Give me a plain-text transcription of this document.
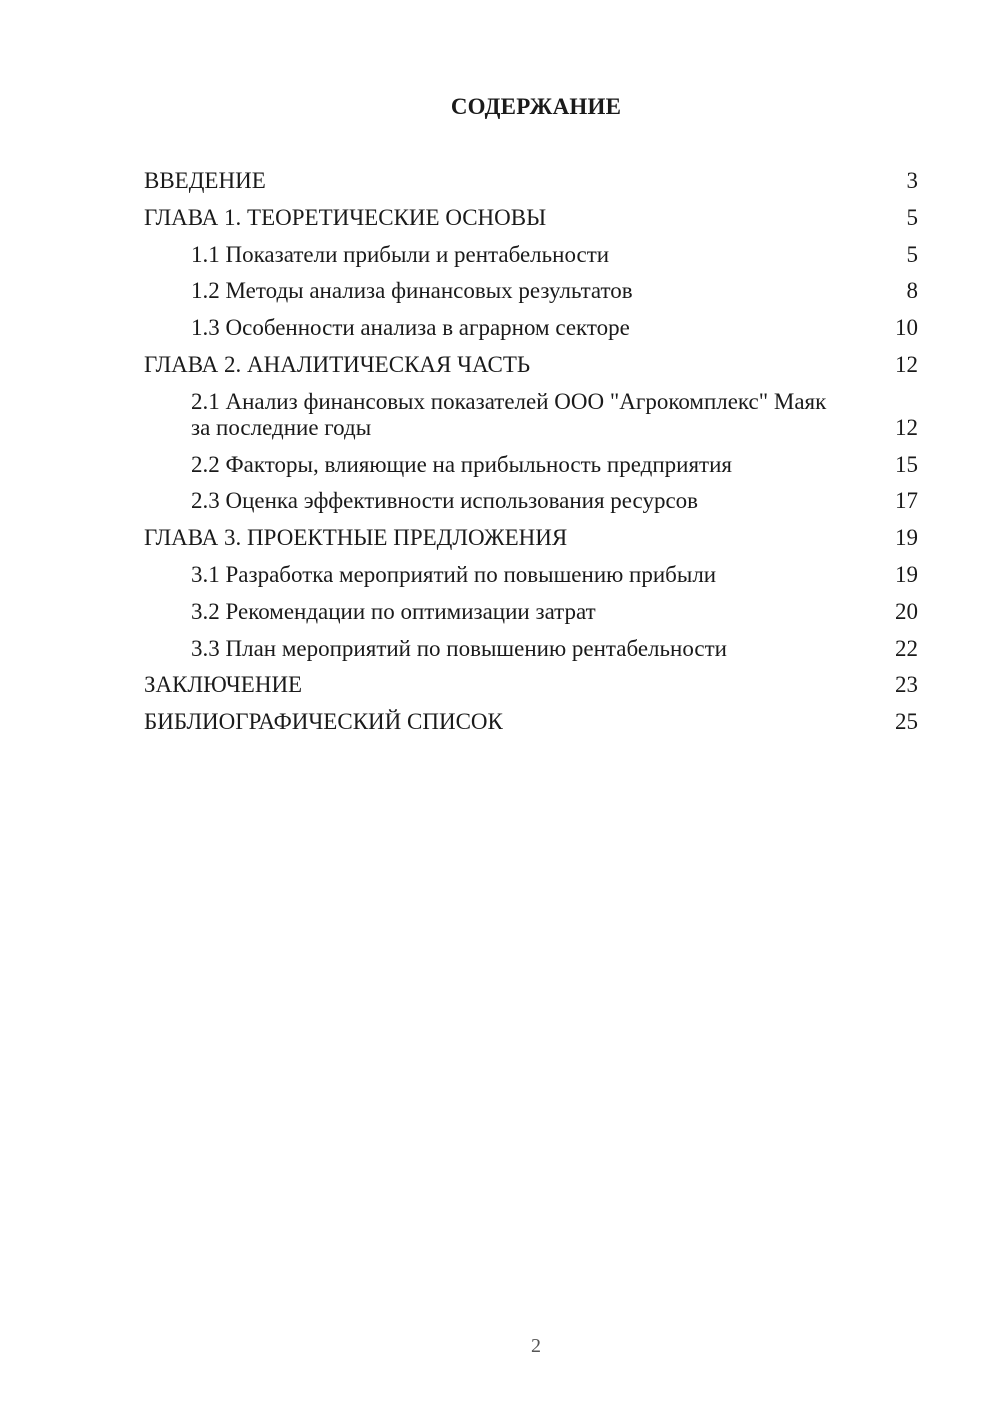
СОДЕРЖАНИЕ
ВВЕДЕНИЕ	3
ГЛАВА 1. ТЕОРЕТИЧЕСКИЕ ОСНОВЫ	5
1.1 Показатели прибыли и рентабельности	5
1.2 Методы анализа финансовых результатов	8
1.3 Особенности анализа в аграрном секторе	10
ГЛАВА 2. АНАЛИТИЧЕСКАЯ ЧАСТЬ	12
2.1 Анализ финансовых показателей ООО "Агрокомплекс" Маяк за последние годы	12
2.2 Факторы, влияющие на прибыльность предприятия	15
2.3 Оценка эффективности использования ресурсов	17
ГЛАВА 3. ПРОЕКТНЫЕ ПРЕДЛОЖЕНИЯ	19
3.1 Разработка мероприятий по повышению прибыли	19
3.2 Рекомендации по оптимизации затрат	20
3.3 План мероприятий по повышению рентабельности	22
ЗАКЛЮЧЕНИЕ	23
БИБЛИОГРАФИЧЕСКИЙ СПИСОК	25
2
